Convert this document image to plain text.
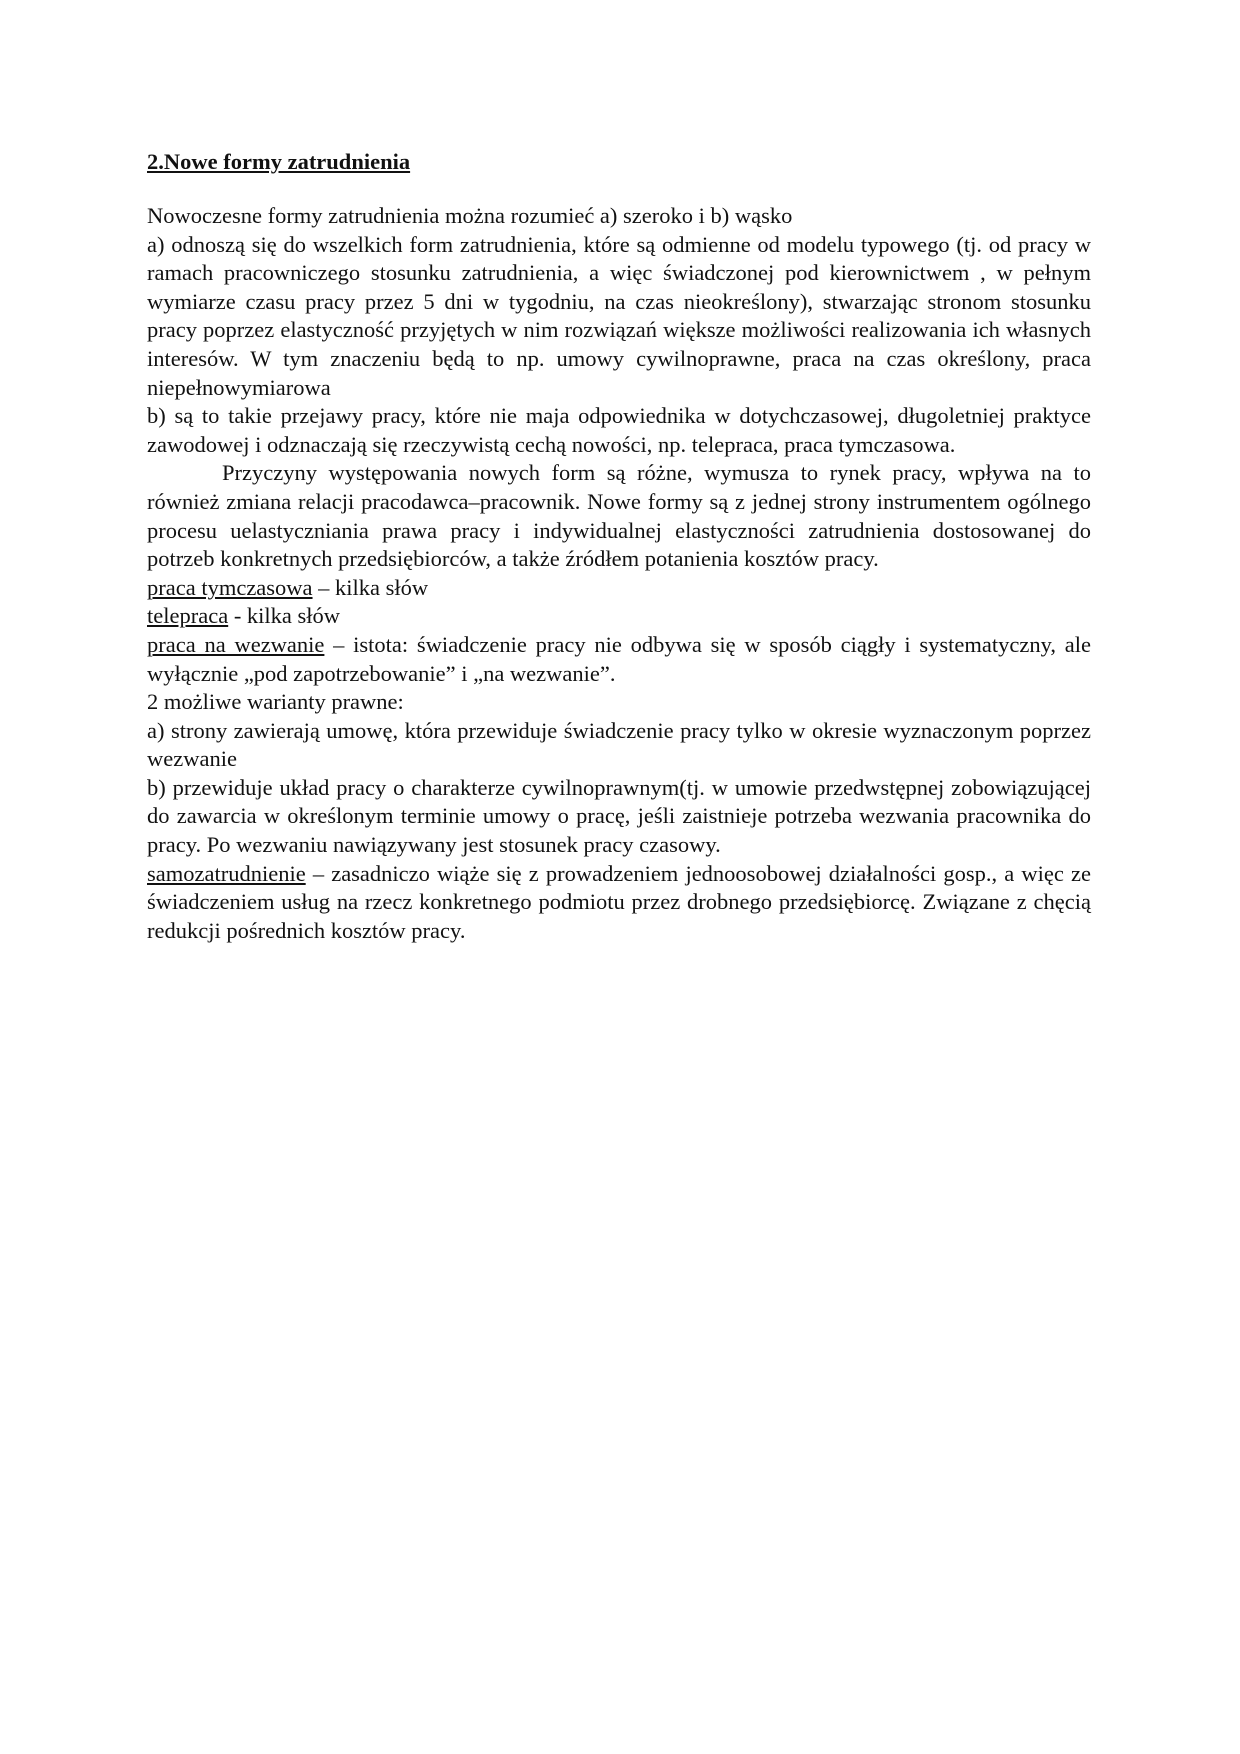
2.Nowe formy zatrudnienia

Nowoczesne formy zatrudnienia można rozumieć a) szeroko i b) wąsko

a) odnoszą się do wszelkich form zatrudnienia, które są odmienne od modelu typowego (tj. od pracy w ramach pracowniczego stosunku zatrudnienia, a więc świadczonej pod kierownictwem , w pełnym wymiarze czasu pracy przez 5 dni w tygodniu, na czas nieokreślony), stwarzając stronom stosunku pracy poprzez elastyczność przyjętych w nim rozwiązań większe możliwości realizowania ich własnych interesów. W tym znaczeniu będą to np. umowy cywilnoprawne, praca na czas określony, praca niepełnowymiarowa

b) są to takie przejawy pracy, które nie maja odpowiednika w dotychczasowej, długoletniej praktyce zawodowej i odznaczają się rzeczywistą cechą nowości, np. telepraca, praca tymczasowa.

Przyczyny występowania nowych form są różne, wymusza to rynek pracy, wpływa na to również zmiana relacji pracodawca–pracownik. Nowe formy są z jednej strony instrumentem ogólnego procesu uelastyczniania prawa pracy i indywidualnej elastyczności zatrudnienia dostosowanej do potrzeb konkretnych przedsiębiorców, a także źródłem potanienia kosztów pracy.

praca tymczasowa – kilka słów

telepraca - kilka słów

praca na wezwanie – istota: świadczenie pracy nie odbywa się w sposób ciągły i systematyczny, ale wyłącznie „pod zapotrzebowanie” i „na wezwanie”.

2 możliwe warianty prawne:

a) strony zawierają umowę, która przewiduje świadczenie pracy tylko w okresie wyznaczonym poprzez wezwanie

b) przewiduje układ pracy o charakterze cywilnoprawnym(tj. w umowie przedwstępnej zobowiązującej do zawarcia w określonym terminie umowy o pracę, jeśli zaistnieje potrzeba wezwania pracownika do pracy. Po wezwaniu nawiązywany jest stosunek pracy czasowy.

samozatrudnienie – zasadniczo wiąże się z prowadzeniem jednoosobowej działalności gosp., a więc ze świadczeniem usług na rzecz konkretnego podmiotu przez drobnego przedsiębiorcę. Związane z chęcią redukcji pośrednich kosztów pracy.
